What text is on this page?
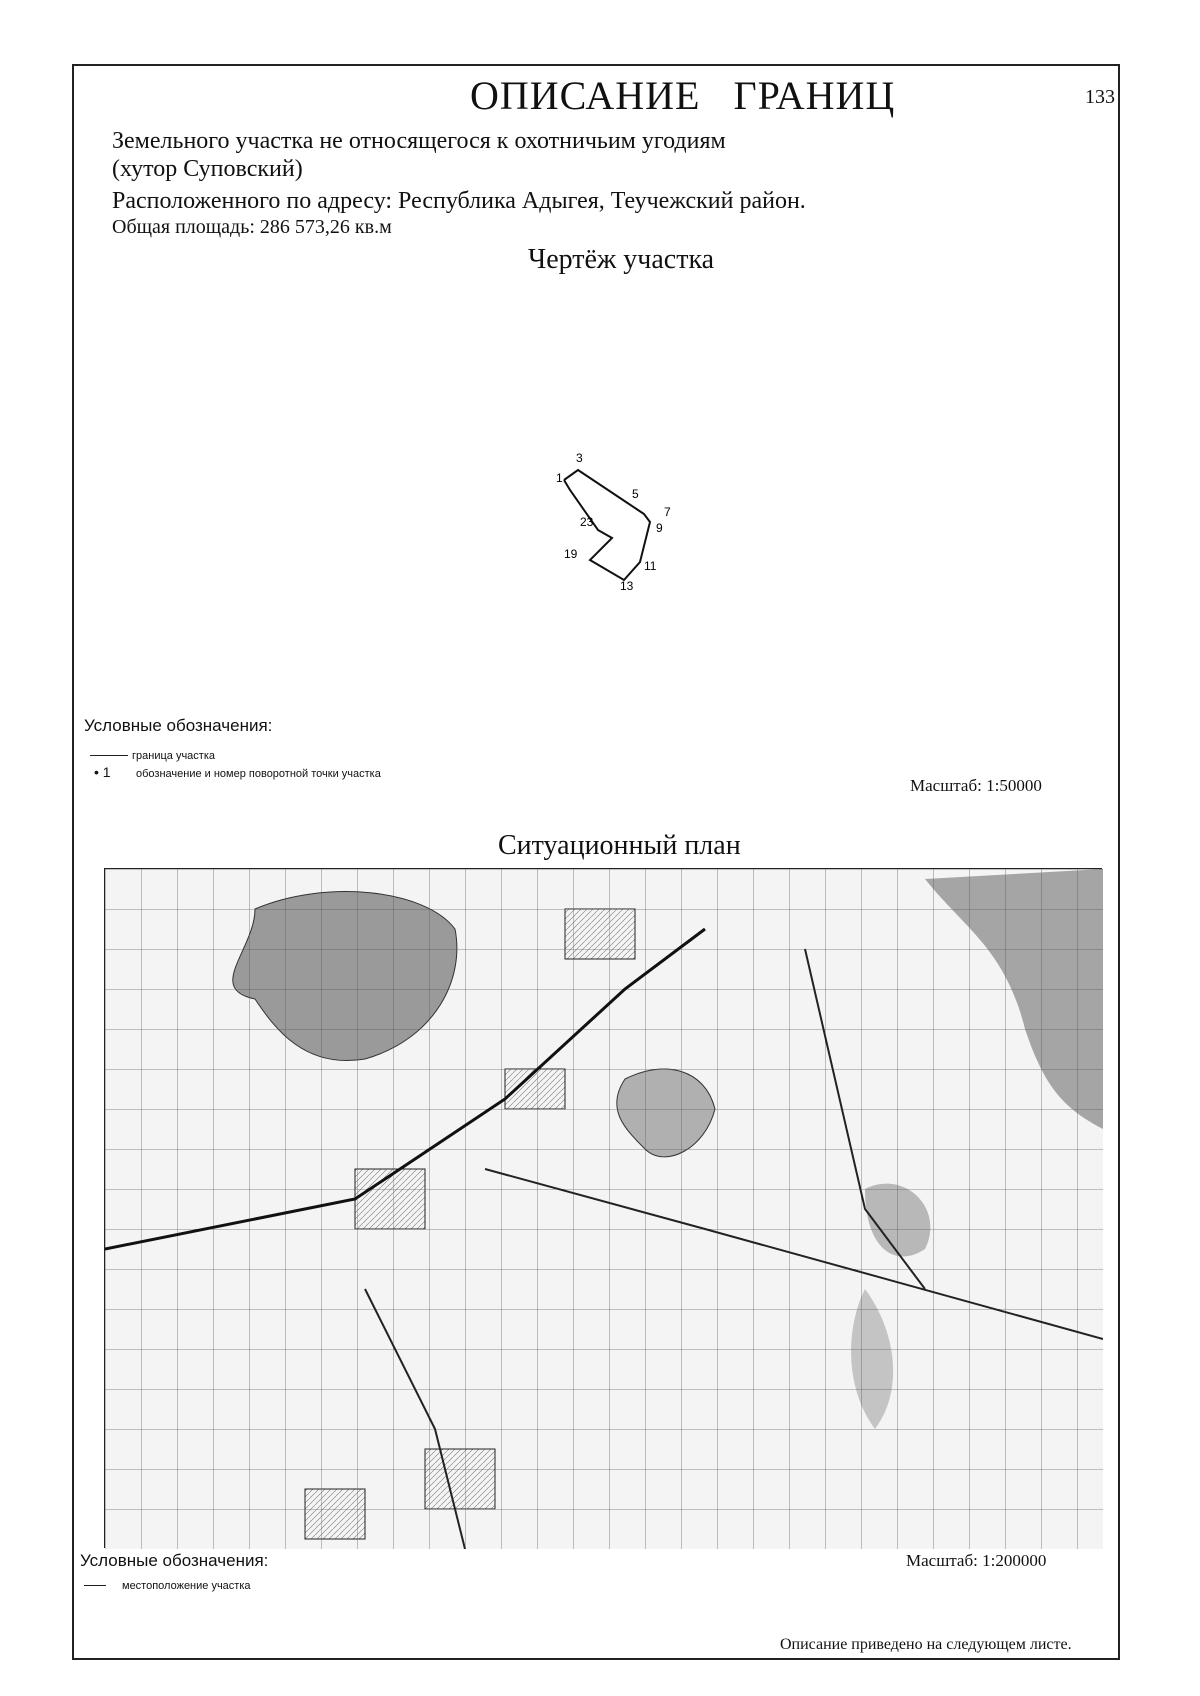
ОПИСАНИЕ   ГРАНИЦ	133
Земельного участка не относящегося к охотничьим угодиям
(хутор Суповский)
Расположенного по адресу: Республика Адыгея, Теучежский район.
Общая площадь: 286 573,26 кв.м
Чертёж участка
3
1
5
7
9
23
19
11
13
Условные обозначения:
граница участка
• 1 обозначение и номер поворотной точки участка
Масштаб: 1:50000
Ситуационный план
Условные обозначения:
местоположение участка
Масштаб: 1:200000
Описание приведено на следующем листе.
